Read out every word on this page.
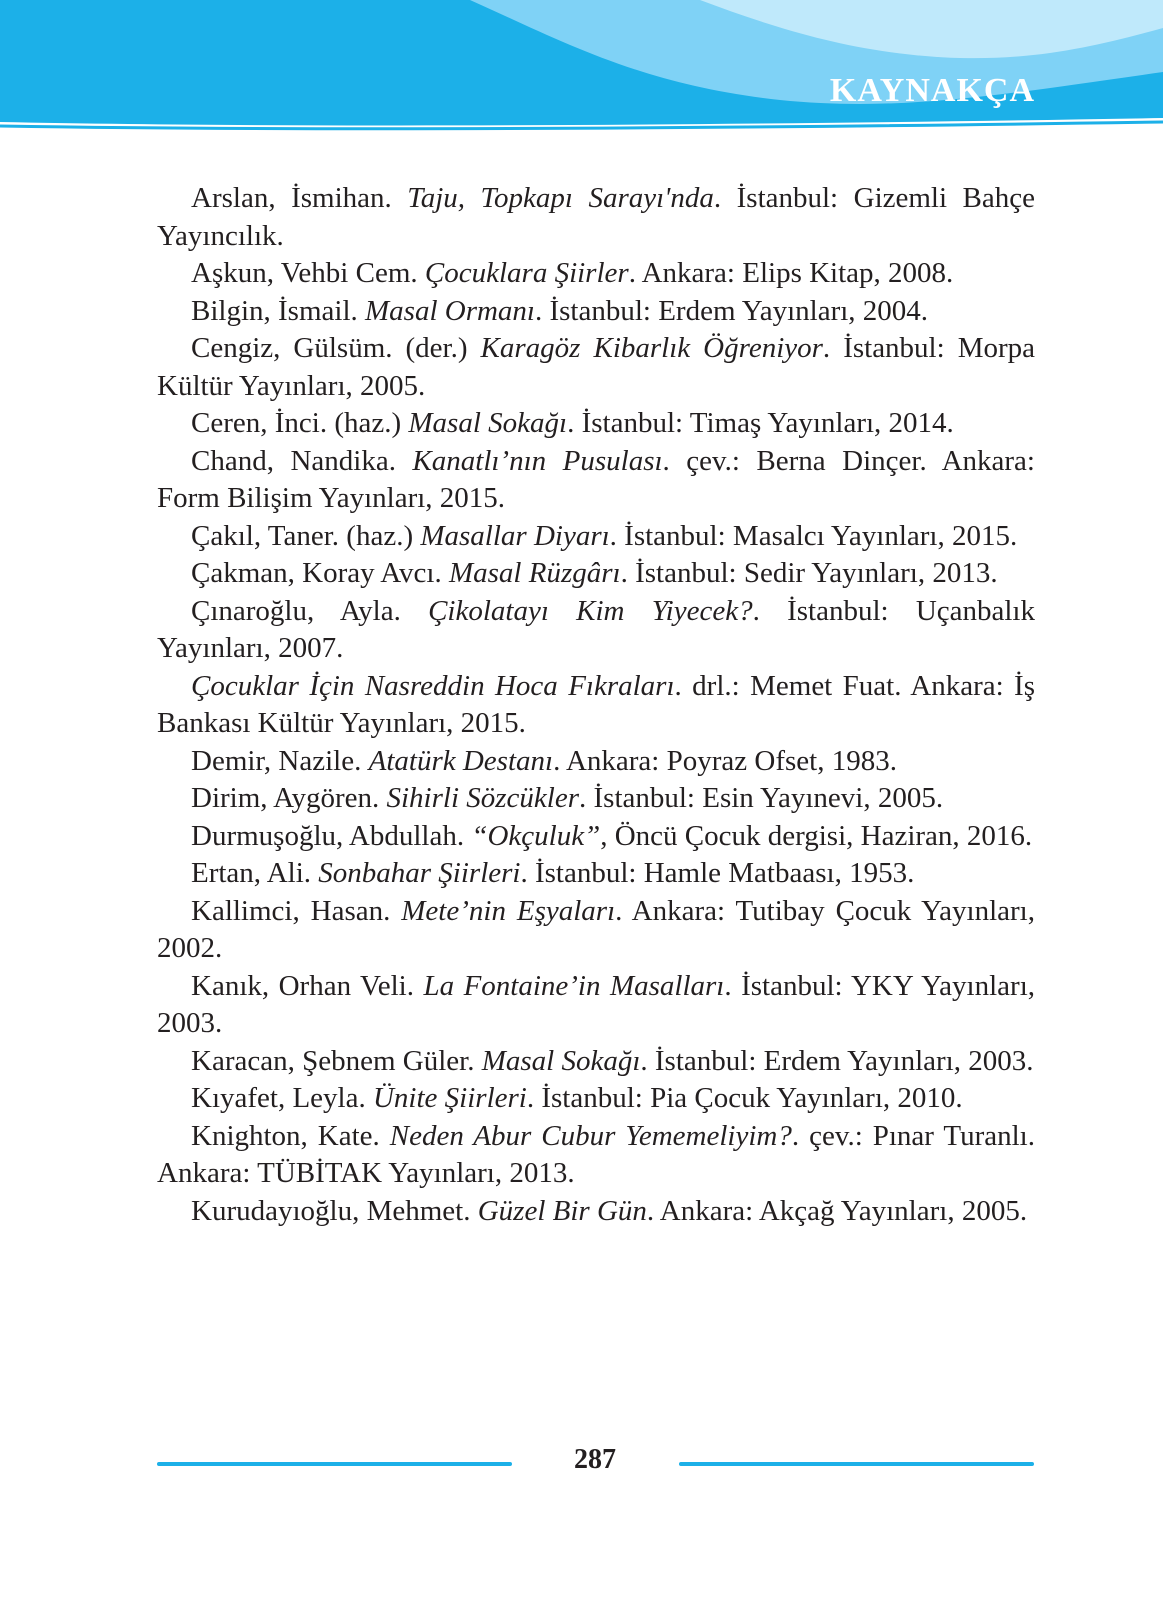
KAYNAKÇA

Arslan, İsmihan. Taju, Topkapı Sarayı'nda. İstanbul: Gizemli Bahçe Yayıncılık.

Aşkun, Vehbi Cem. Çocuklara Şiirler. Ankara: Elips Kitap, 2008.

Bilgin, İsmail. Masal Ormanı. İstanbul: Erdem Yayınları, 2004.

Cengiz, Gülsüm. (der.) Karagöz Kibarlık Öğreniyor. İstanbul: Morpa Kültür Yayınları, 2005.

Ceren, İnci. (haz.) Masal Sokağı. İstanbul: Timaş Yayınları, 2014.

Chand, Nandika. Kanatlı’nın Pusulası. çev.: Berna Dinçer. Ankara: Form Bilişim Yayınları, 2015.

Çakıl, Taner. (haz.) Masallar Diyarı. İstanbul: Masalcı Yayınları, 2015.

Çakman, Koray Avcı. Masal Rüzgârı. İstanbul: Sedir Yayınları, 2013.

Çınaroğlu, Ayla. Çikolatayı Kim Yiyecek?. İstanbul: Uçanbalık Yayınları, 2007.

Çocuklar İçin Nasreddin Hoca Fıkraları. drl.: Memet Fuat. Ankara: İş Bankası Kültür Yayınları, 2015.

Demir, Nazile. Atatürk Destanı. Ankara: Poyraz Ofset, 1983.

Dirim, Aygören. Sihirli Sözcükler. İstanbul: Esin Yayınevi, 2005.

Durmuşoğlu, Abdullah. “Okçuluk”, Öncü Çocuk dergisi, Haziran, 2016.

Ertan, Ali. Sonbahar Şiirleri. İstanbul: Hamle Matbaası, 1953.

Kallimci, Hasan. Mete’nin Eşyaları. Ankara: Tutibay Çocuk Yayınları, 2002.

Kanık, Orhan Veli. La Fontaine’in Masalları. İstanbul: YKY Yayınları, 2003.

Karacan, Şebnem Güler. Masal Sokağı. İstanbul: Erdem Yayınları, 2003.

Kıyafet, Leyla. Ünite Şiirleri. İstanbul: Pia Çocuk Yayınları, 2010.

Knighton, Kate. Neden Abur Cubur Yememeliyim?. çev.: Pınar Turanlı. Ankara: TÜBİTAK Yayınları, 2013.

Kurudayıoğlu, Mehmet. Güzel Bir Gün. Ankara: Akçağ Yayınları, 2005.

287
